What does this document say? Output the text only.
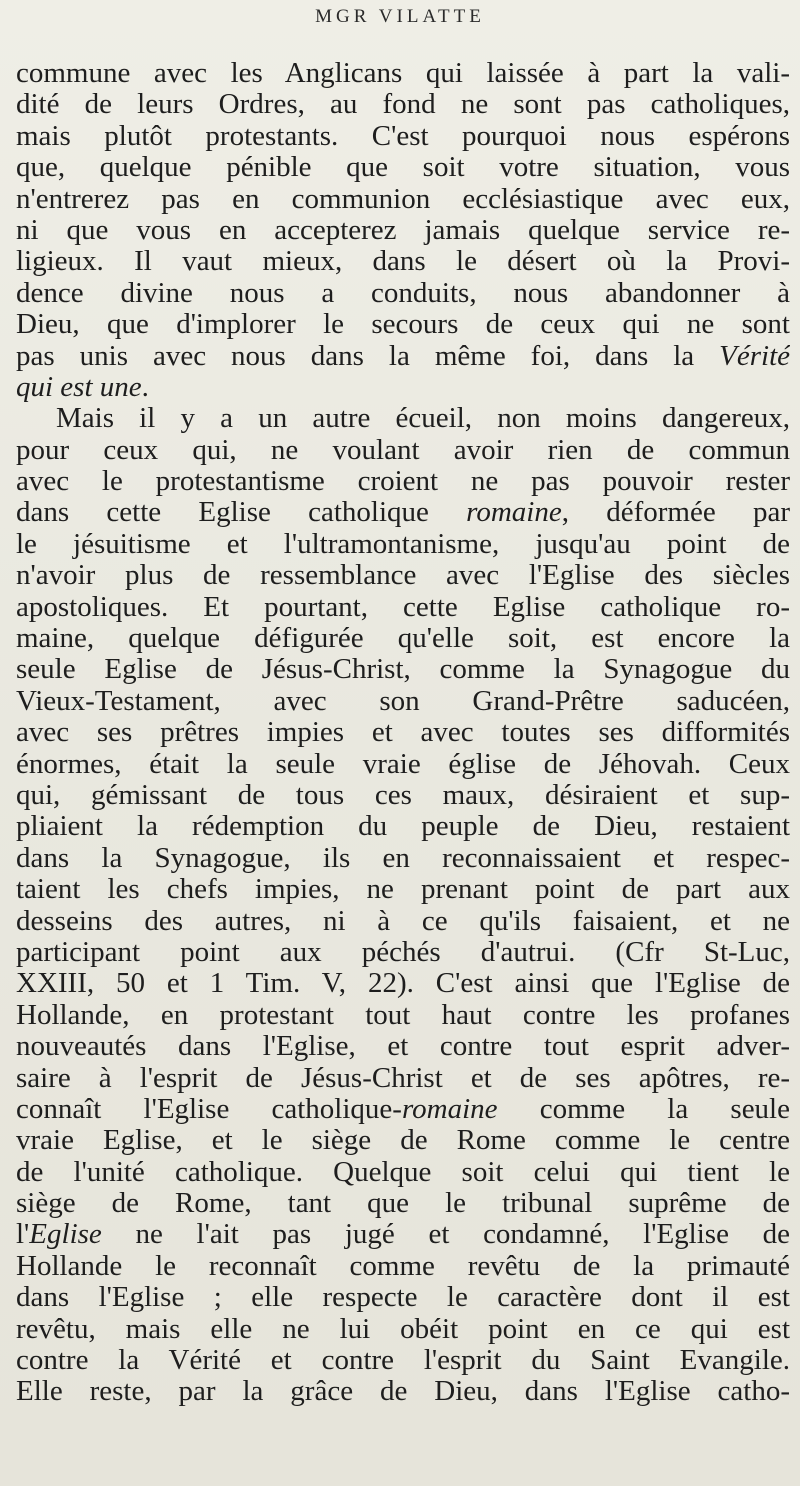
MGR VILATTE
commune avec les Anglicans qui laissée à part la vali-
dité de leurs Ordres, au fond ne sont pas catholiques,
mais plutôt protestants. C'est pourquoi nous espérons
que, quelque pénible que soit votre situation, vous
n'entrerez pas en communion ecclésiastique avec eux,
ni que vous en accepterez jamais quelque service re-
ligieux. Il vaut mieux, dans le désert où la Provi-
dence divine nous a conduits, nous abandonner à
Dieu, que d'implorer le secours de ceux qui ne sont
pas unis avec nous dans la même foi, dans la Vérité
qui est une.
Mais il y a un autre écueil, non moins dangereux,
pour ceux qui, ne voulant avoir rien de commun
avec le protestantisme croient ne pas pouvoir rester
dans cette Eglise catholique romaine, déformée par
le jésuitisme et l'ultramontanisme, jusqu'au point de
n'avoir plus de ressemblance avec l'Eglise des siècles
apostoliques. Et pourtant, cette Eglise catholique ro-
maine, quelque défigurée qu'elle soit, est encore la
seule Eglise de Jésus-Christ, comme la Synagogue du
Vieux-Testament, avec son Grand-Prêtre saducéen,
avec ses prêtres impies et avec toutes ses difformités
énormes, était la seule vraie église de Jéhovah. Ceux
qui, gémissant de tous ces maux, désiraient et sup-
pliaient la rédemption du peuple de Dieu, restaient
dans la Synagogue, ils en reconnaissaient et respec-
taient les chefs impies, ne prenant point de part aux
desseins des autres, ni à ce qu'ils faisaient, et ne
participant point aux péchés d'autrui. (Cfr St-Luc,
XXIII, 50 et 1 Tim. V, 22). C'est ainsi que l'Eglise de
Hollande, en protestant tout haut contre les profanes
nouveautés dans l'Eglise, et contre tout esprit adver-
saire à l'esprit de Jésus-Christ et de ses apôtres, re-
connaît l'Eglise catholique-romaine comme la seule
vraie Eglise, et le siège de Rome comme le centre
de l'unité catholique. Quelque soit celui qui tient le
siège de Rome, tant que le tribunal suprême de
l'Eglise ne l'ait pas jugé et condamné, l'Eglise de
Hollande le reconnaît comme revêtu de la primauté
dans l'Eglise ; elle respecte le caractère dont il est
revêtu, mais elle ne lui obéit point en ce qui est
contre la Vérité et contre l'esprit du Saint Evangile.
Elle reste, par la grâce de Dieu, dans l'Eglise catho-
